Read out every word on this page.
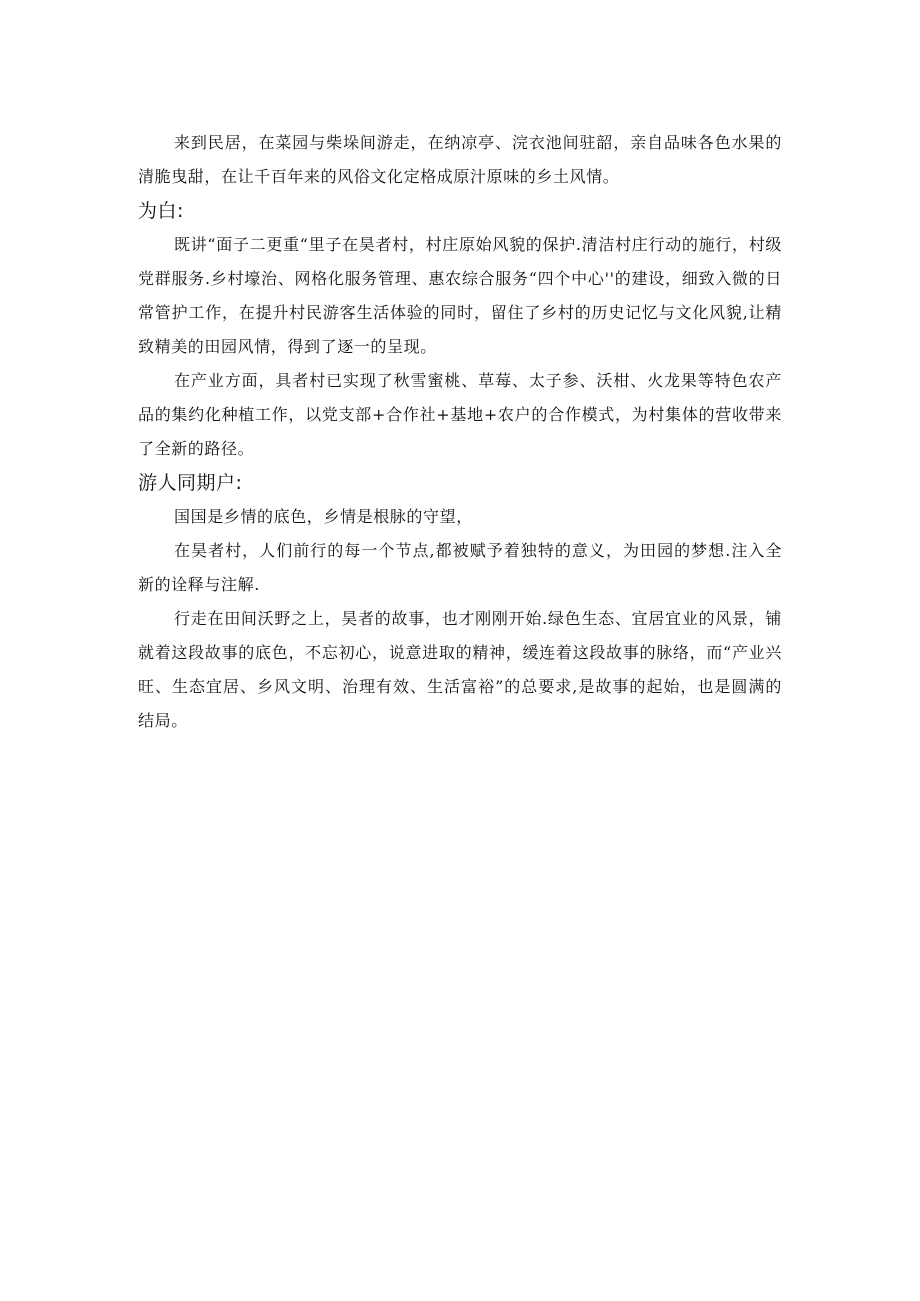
来到民居，在菜园与柴垛间游走，在纳凉亭、浣衣池间驻韶，亲自品味各色水果的清脆曳甜，在让千百年来的风俗文化定格成原汁原味的乡土风情。

为白:

既讲“面子二更重“里子在昊者村，村庄原始风貌的保护.清洁村庄行动的施行，村级党群服务.乡村壕治、网格化服务管理、惠农综合服务“四个中心''的建设，细致入微的日常管护工作，在提升村民游客生活体验的同时，留住了乡村的历史记忆与文化风貌,让精致精美的田园风情，得到了逐一的呈现。

在产业方面，具者村已实现了秋雪蜜桃、草莓、太子参、沃柑、火龙果等特色农产品的集约化种植工作，以党支部+合作社+基地+农户的合作模式，为村集体的营收带来了全新的路径。

游人同期户:

国国是乡情的底色，乡情是根脉的守望，

在昊者村，人们前行的每一个节点,都被赋予着独特的意义，为田园的梦想.注入全新的诠释与注解.

行走在田间沃野之上，昊者的故事，也才刚刚开始.绿色生态、宜居宜业的风景，铺就着这段故事的底色，不忘初心，说意进取的精神，缓连着这段故事的脉络，而“产业兴旺、生态宜居、乡风文明、治理有效、生活富裕”的总要求,是故事的起始，也是圆满的结局。
